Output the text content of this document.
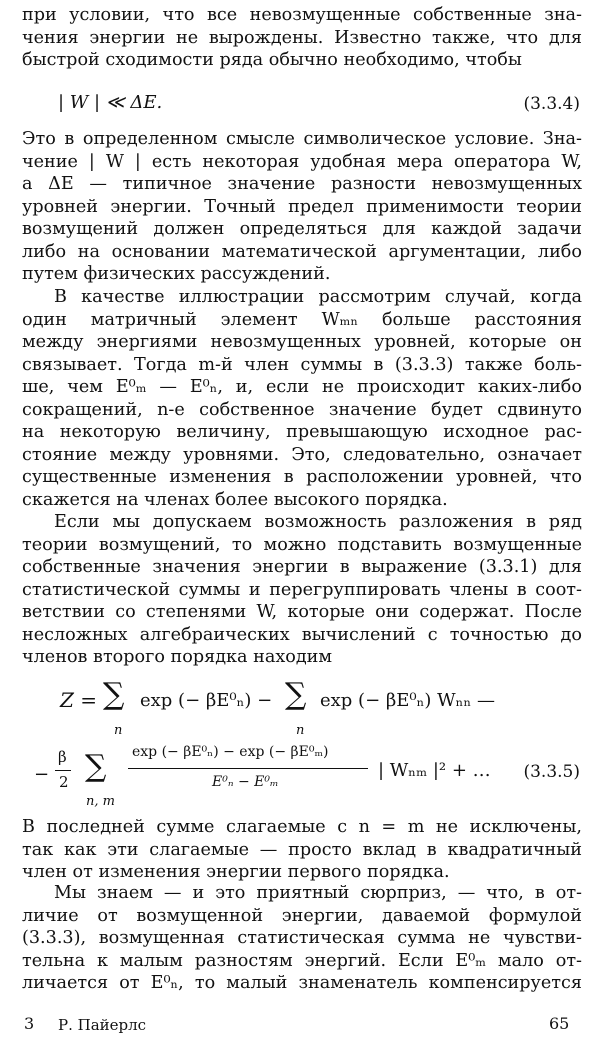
при условии, что все невозмущенные собственные зна-
чения энергии не вырождены. Известно также, что для
быстрой сходимости ряда обычно необходимо, чтобы
| W | ≪ ΔE.	(3.3.4)
Это в определенном смысле символическое условие. Зна-
чение | W | есть некоторая удобная мера оператора W,
а ΔE — типичное значение разности невозмущенных
уровней энергии. Точный предел применимости теории
возмущений должен определяться для каждой задачи
либо на основании математической аргументации, либо
путем физических рассуждений.
В качестве иллюстрации рассмотрим случай, когда
один матричный элемент Wₘₙ больше расстояния
между энергиями невозмущенных уровней, которые он
связывает. Тогда m-й член суммы в (3.3.3) также боль-
ше, чем E⁰ₘ — E⁰ₙ, и, если не происходит каких-либо
сокращений, n-е собственное значение будет сдвинуто
на некоторую величину, превышающую исходное рас-
стояние между уровнями. Это, следовательно, означает
существенные изменения в расположении уровней, что
скажется на членах более высокого порядка.
Если мы допускаем возможность разложения в ряд
теории возмущений, то можно подставить возмущенные
собственные значения энергии в выражение (3.3.1) для
статистической суммы и перегруппировать члены в соот-
ветствии со степенями W, которые они содержат. После
несложных алгебраических вычислений с точностью до
членов второго порядка находим
Z = ∑
n
exp (− βE⁰ₙ) − ∑
n
exp (− βE⁰ₙ) Wₙₙ —
−
β
2 ∑
n, m
exp (− βE⁰ₙ) − exp (− βE⁰ₘ)
E⁰ₙ − E⁰ₘ
| Wₙₘ |² + … (3.3.5)
В последней сумме слагаемые с n = m не исключены,
так как эти слагаемые — просто вклад в квадратичный
член от изменения энергии первого порядка.
Мы знаем — и это приятный сюрприз, — что, в от-
личие от возмущенной энергии, даваемой формулой
(3.3.3), возмущенная статистическая сумма не чувстви-
тельна к малым разностям энергий. Если E⁰ₘ мало от-
личается от E⁰ₙ, то малый знаменатель компенсируется
3 Р. Пайерлс	65
